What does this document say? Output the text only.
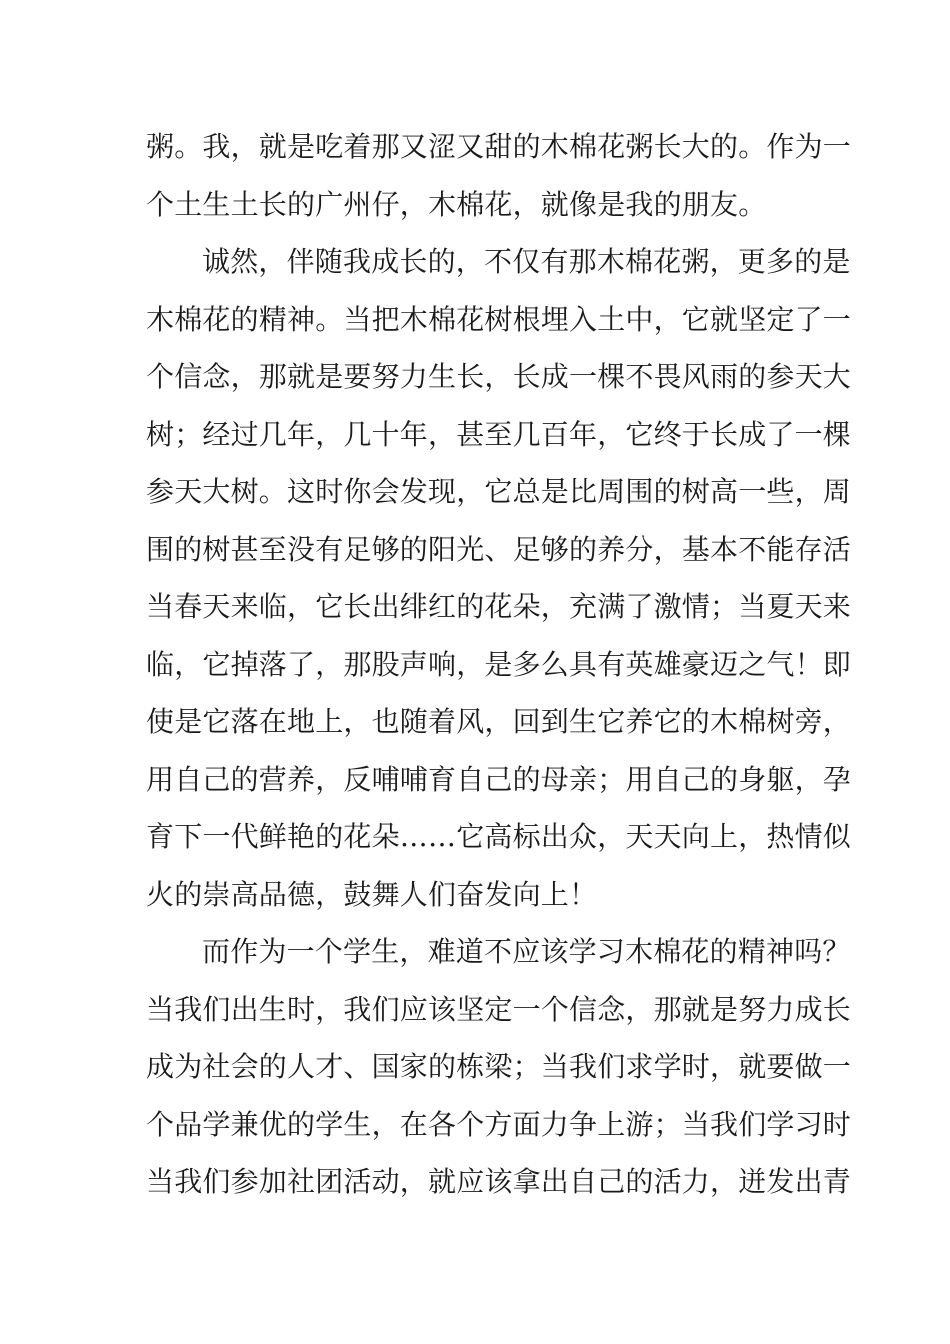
粥。我，就是吃着那又涩又甜的木棉花粥长大的。作为一
个土生土长的广州仔，木棉花，就像是我的朋友。
诚然，伴随我成长的，不仅有那木棉花粥，更多的是
木棉花的精神。当把木棉花树根埋入土中，它就坚定了一
个信念，那就是要努力生长，长成一棵不畏风雨的参天大
树；经过几年，几十年，甚至几百年，它终于长成了一棵
参天大树。这时你会发现，它总是比周围的树高一些，周
围的树甚至没有足够的阳光、足够的养分，基本不能存活
当春天来临，它长出绯红的花朵，充满了激情；当夏天来
临，它掉落了，那股声响，是多么具有英雄豪迈之气！即
使是它落在地上，也随着风，回到生它养它的木棉树旁，
用自己的营养，反哺哺育自己的母亲；用自己的身躯，孕
育下一代鲜艳的花朵……它高标出众，天天向上，热情似
火的崇高品德，鼓舞人们奋发向上！
而作为一个学生，难道不应该学习木棉花的精神吗？
当我们出生时，我们应该坚定一个信念，那就是努力成长
成为社会的人才、国家的栋梁；当我们求学时，就要做一
个品学兼优的学生，在各个方面力争上游；当我们学习时
当我们参加社团活动，就应该拿出自己的活力，迸发出青
